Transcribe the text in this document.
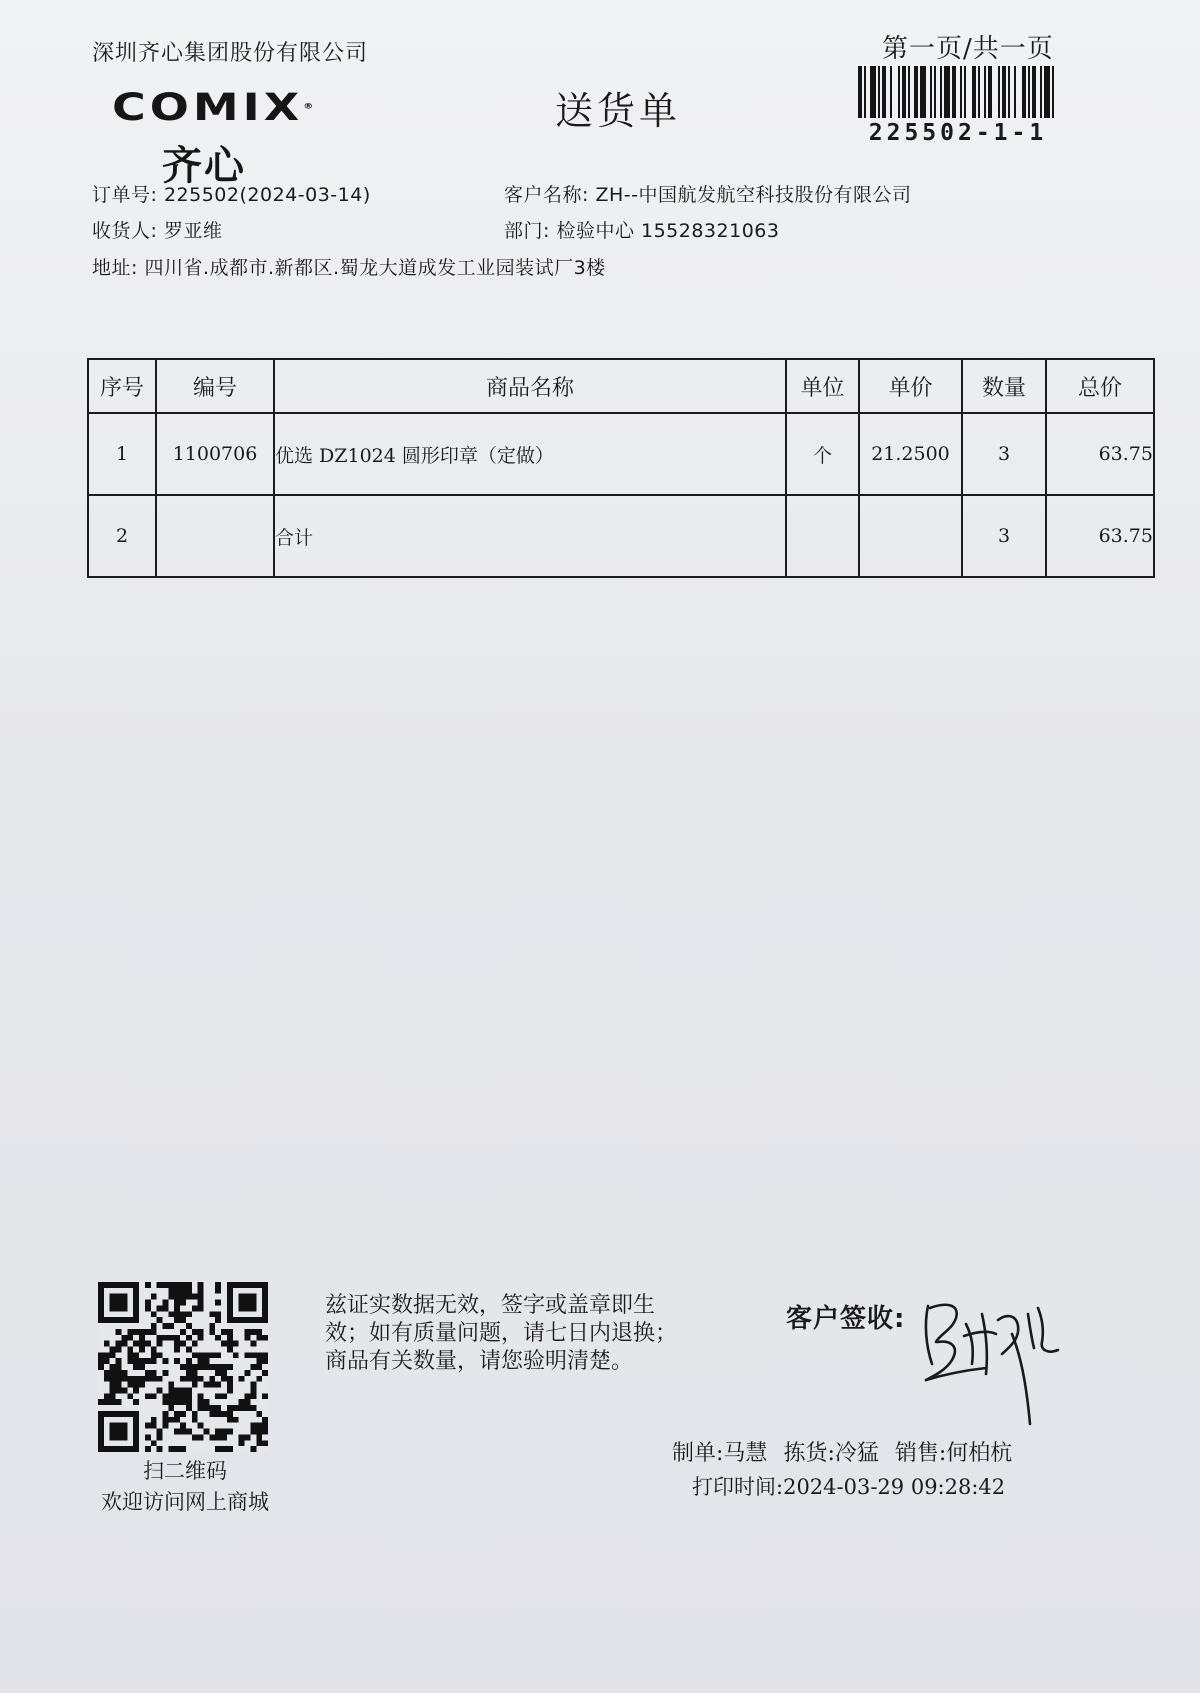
深圳齐心集团股份有限公司
COMIX®
齐心
送货单
第一页/共一页
225502-1-1
订单号: 225502(2024-03-14)	客户名称: ZH--中国航发航空科技股份有限公司
收货人: 罗亚维	部门: 检验中心 15528321063
地址: 四川省.成都市.新都区.蜀龙大道成发工业园装试厂3楼
序号	编号	商品名称	单位	单价	数量	总价
1	1100706	优选 DZ1024 圆形印章（定做）	个	21.2500	3	63.75
2		合计			3	63.75
扫二维码
欢迎访问网上商城
兹证实数据无效，签字或盖章即生
效；如有质量问题，请七日内退换；
商品有关数量，请您验明清楚。
客户签收:
制单:马慧 拣货:冷猛 销售:何柏杭
打印时间:2024-03-29 09:28:42
